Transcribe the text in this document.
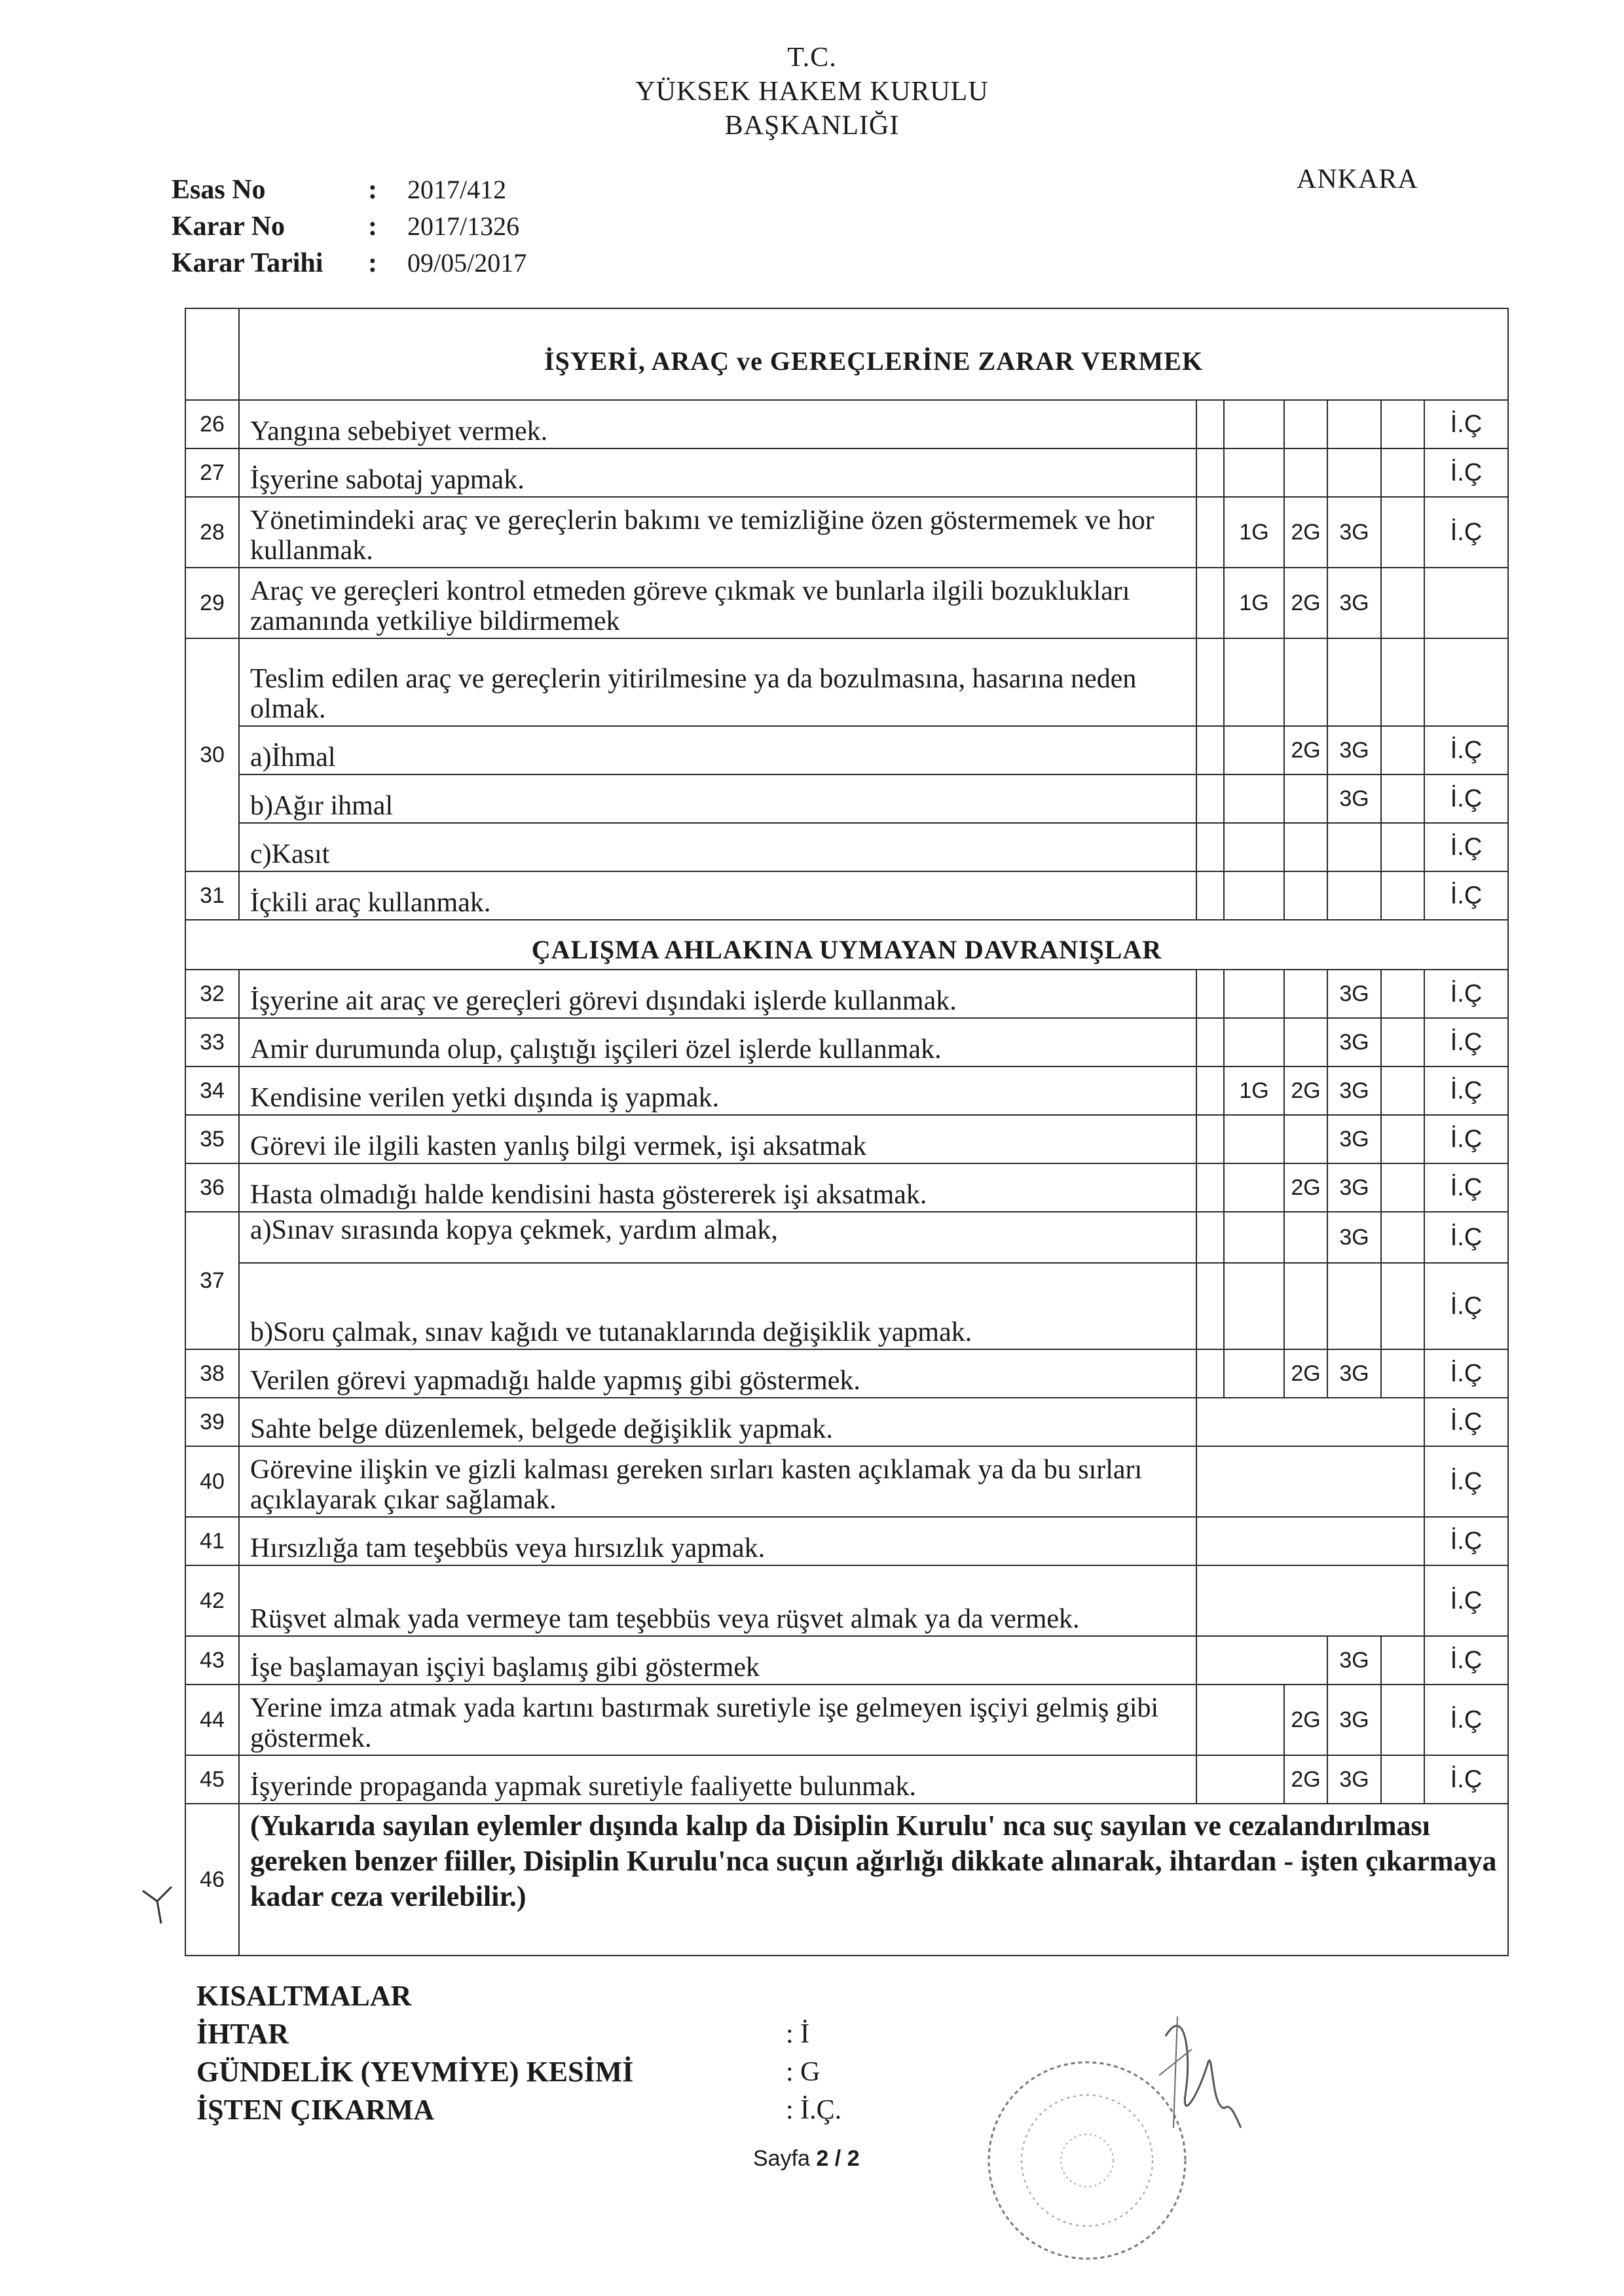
T.C.
YÜKSEK HAKEM KURULU
BAŞKANLIĞI
ANKARA
Esas No	:	2017/412
Karar No	:	2017/1326
Karar Tarihi	:	09/05/2017
	İŞYERİ, ARAÇ ve GEREÇLERİNE ZARAR VERMEK						
26	Yangına sebebiyet vermek.						İ.Ç
27	İşyerine sabotaj yapmak.						İ.Ç
28	Yönetimindeki araç ve gereçlerin bakımı ve temizliğine özen göstermemek ve hor kullanmak.		1G	2G	3G		İ.Ç
29	Araç ve gereçleri kontrol etmeden göreve çıkmak ve bunlarla ilgili bozuklukları zamanında yetkiliye bildirmemek		1G	2G	3G		
30	Teslim edilen araç ve gereçlerin yitirilmesine ya da bozulmasına, hasarına neden olmak.						
	a)İhmal			2G	3G		İ.Ç
	b)Ağır ihmal				3G		İ.Ç
	c)Kasıt						İ.Ç
31	İçkili araç kullanmak.						İ.Ç
ÇALIŞMA AHLAKINA UYMAYAN DAVRANIŞLAR							
32	İşyerine ait araç ve gereçleri görevi dışındaki işlerde kullanmak.				3G		İ.Ç
33	Amir durumunda olup, çalıştığı işçileri özel işlerde kullanmak.				3G		İ.Ç
34	Kendisine verilen yetki dışında iş yapmak.		1G	2G	3G		İ.Ç
35	Görevi ile ilgili kasten yanlış bilgi vermek, işi aksatmak				3G		İ.Ç
36	Hasta olmadığı halde kendisini hasta göstererek işi aksatmak.			2G	3G		İ.Ç
37	a)Sınav sırasında kopya çekmek, yardım almak,				3G		İ.Ç
	b)Soru çalmak, sınav kağıdı ve tutanaklarında değişiklik yapmak.						İ.Ç
38	Verilen görevi yapmadığı halde yapmış gibi göstermek.			2G	3G		İ.Ç
39	Sahte belge düzenlemek, belgede değişiklik yapmak.						İ.Ç
40	Görevine ilişkin ve gizli kalması gereken sırları kasten açıklamak ya da bu sırları açıklayarak çıkar sağlamak.						İ.Ç
41	Hırsızlığa tam teşebbüs veya hırsızlık yapmak.						İ.Ç
42	Rüşvet almak yada vermeye tam teşebbüs veya rüşvet almak ya da vermek.						İ.Ç
43	İşe başlamayan işçiyi başlamış gibi göstermek				3G		İ.Ç
44	Yerine imza atmak yada kartını bastırmak suretiyle işe gelmeyen işçiyi gelmiş gibi göstermek.			2G	3G		İ.Ç
45	İşyerinde propaganda yapmak suretiyle faaliyette bulunmak.			2G	3G		İ.Ç
46	(Yukarıda sayılan eylemler dışında kalıp da Disiplin Kurulu' nca suç sayılan ve cezalandırılması gereken benzer fiiller, Disiplin Kurulu'nca suçun ağırlığı dikkate alınarak, ihtardan - işten çıkarmaya kadar ceza verilebilir.)						
KISALTMALAR
İHTAR	: İ
GÜNDELİK (YEVMİYE) KESİMİ	: G
İŞTEN ÇIKARMA	: İ.Ç.
Sayfa 2 / 2
